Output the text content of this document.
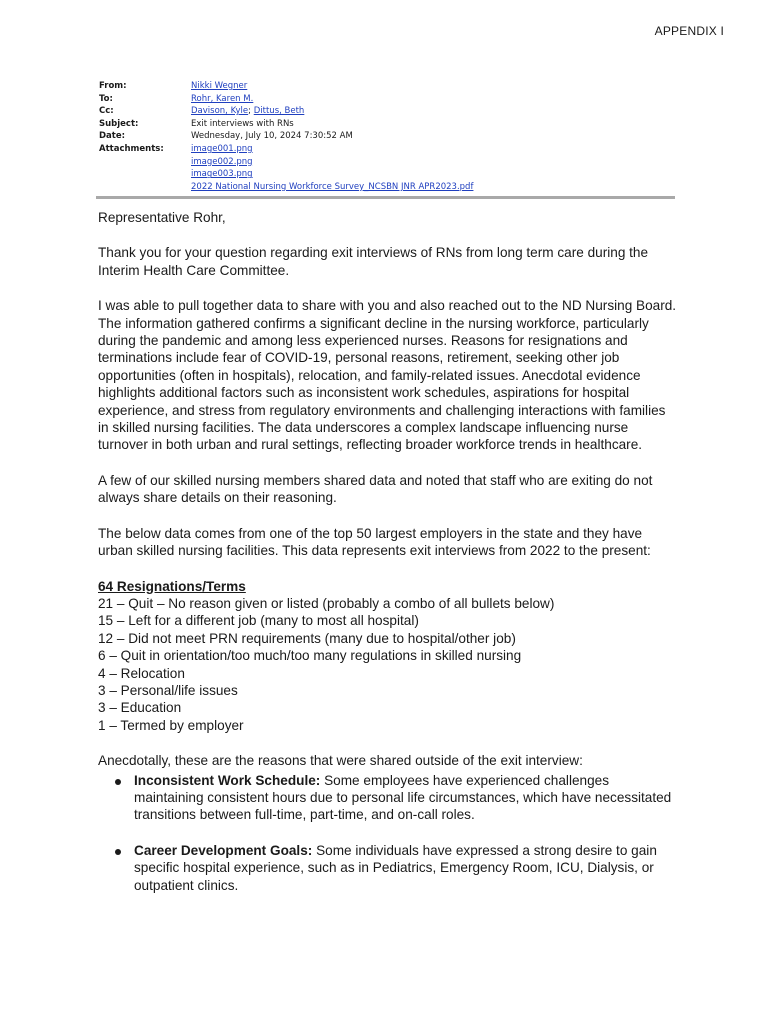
APPENDIX I
From:	Nikki Wegner
To:	Rohr, Karen M.
Cc:	Davison, Kyle; Dittus, Beth
Subject:	Exit interviews with RNs
Date:	Wednesday, July 10, 2024 7:30:52 AM
Attachments:	image001.png
image002.png
image003.png
2022 National Nursing Workforce Survey_NCSBN JNR APR2023.pdf

Representative Rohr,

Thank you for your question regarding exit interviews of RNs from long term care during the Interim Health Care Committee.

I was able to pull together data to share with you and also reached out to the ND Nursing Board. The information gathered confirms a significant decline in the nursing workforce, particularly during the pandemic and among less experienced nurses. Reasons for resignations and terminations include fear of COVID-19, personal reasons, retirement, seeking other job opportunities (often in hospitals), relocation, and family-related issues. Anecdotal evidence highlights additional factors such as inconsistent work schedules, aspirations for hospital experience, and stress from regulatory environments and challenging interactions with families in skilled nursing facilities. The data underscores a complex landscape influencing nurse turnover in both urban and rural settings, reflecting broader workforce trends in healthcare.

A few of our skilled nursing members shared data and noted that staff who are exiting do not always share details on their reasoning.

The below data comes from one of the top 50 largest employers in the state and they have urban skilled nursing facilities. This data represents exit interviews from 2022 to the present:

64 Resignations/Terms
21 – Quit – No reason given or listed (probably a combo of all bullets below)
15 – Left for a different job (many to most all hospital)
12 – Did not meet PRN requirements (many due to hospital/other job)
6 – Quit in orientation/too much/too many regulations in skilled nursing
4 – Relocation
3 – Personal/life issues
3 – Education
1 – Termed by employer
Anecdotally, these are the reasons that were shared outside of the exit interview:
Inconsistent Work Schedule: Some employees have experienced challenges maintaining consistent hours due to personal life circumstances, which have necessitated transitions between full-time, part-time, and on-call roles.
Career Development Goals: Some individuals have expressed a strong desire to gain specific hospital experience, such as in Pediatrics, Emergency Room, ICU, Dialysis, or outpatient clinics.
